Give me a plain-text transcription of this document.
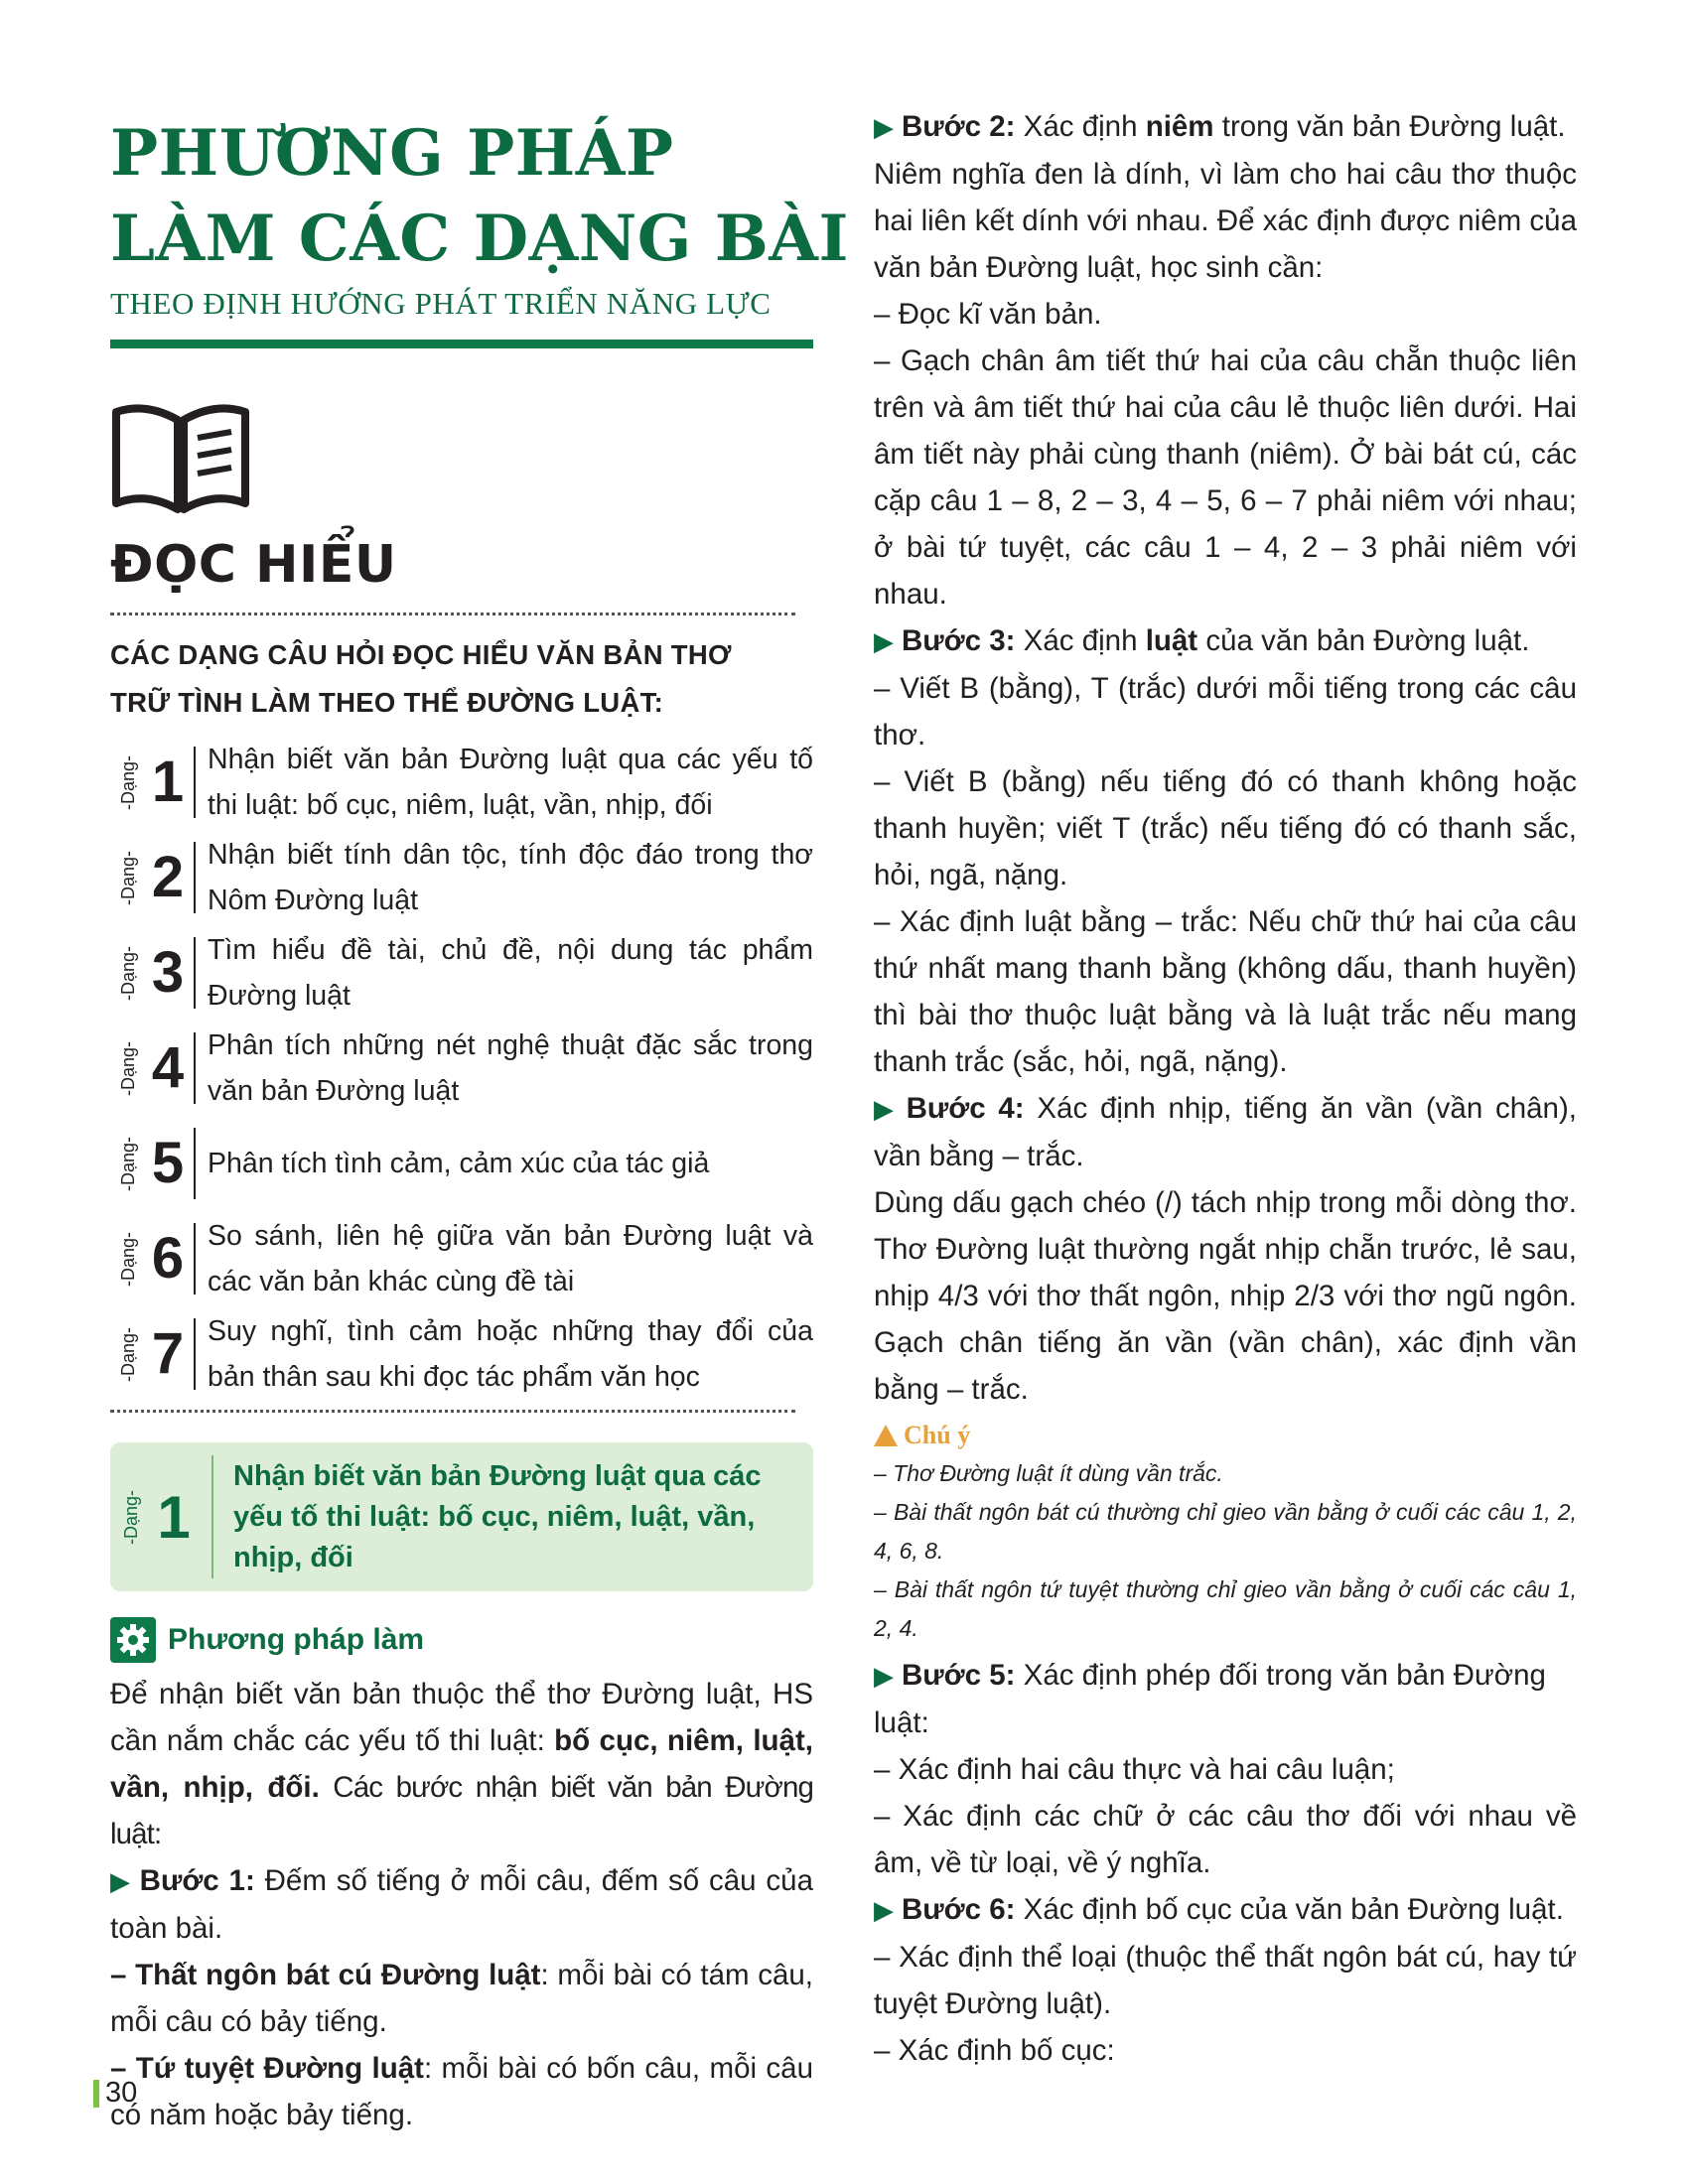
PHƯƠNG PHÁP
LÀM CÁC DẠNG BÀI
THEO ĐỊNH HƯỚNG PHÁT TRIỂN NĂNG LỰC
ĐỌC HIỂU
CÁC DẠNG CÂU HỎI ĐỌC HIỂU VĂN BẢN THƠ
TRỮ TÌNH LÀM THEO THỂ ĐƯỜNG LUẬT:
-Dạng- 1 Nhận biết văn bản Đường luật qua các yếu tố thi luật: bố cục, niêm, luật, vần, nhịp, đối
-Dạng- 2 Nhận biết tính dân tộc, tính độc đáo trong thơ Nôm Đường luật
-Dạng- 3 Tìm hiểu đề tài, chủ đề, nội dung tác phẩm Đường luật
-Dạng- 4 Phân tích những nét nghệ thuật đặc sắc trong văn bản Đường luật
-Dạng- 5 Phân tích tình cảm, cảm xúc của tác giả
-Dạng- 6 So sánh, liên hệ giữa văn bản Đường luật và các văn bản khác cùng đề tài
-Dạng- 7 Suy nghĩ, tình cảm hoặc những thay đổi của bản thân sau khi đọc tác phẩm văn học
-Dạng- 1
Nhận biết văn bản Đường luật qua các yếu tố thi luật: bố cục, niêm, luật, vần, nhịp, đối
Phương pháp làm

Để nhận biết văn bản thuộc thể thơ Đường luật, HS cần nắm chắc các yếu tố thi luật: bố cục, niêm, luật, vần, nhịp, đối. Các bước nhận biết văn bản Đường luật:

▶ Bước 1: Đếm số tiếng ở mỗi câu, đếm số câu của toàn bài.

– Thất ngôn bát cú Đường luật: mỗi bài có tám câu, mỗi câu có bảy tiếng.

– Tứ tuyệt Đường luật: mỗi bài có bốn câu, mỗi câu có năm hoặc bảy tiếng.

▶ Bước 2: Xác định niêm trong văn bản Đường luật.

Niêm nghĩa đen là dính, vì làm cho hai câu thơ thuộc hai liên kết dính với nhau. Để xác định được niêm của văn bản Đường luật, học sinh cần:

– Đọc kĩ văn bản.

– Gạch chân âm tiết thứ hai của câu chẵn thuộc liên trên và âm tiết thứ hai của câu lẻ thuộc liên dưới. Hai âm tiết này phải cùng thanh (niêm). Ở bài bát cú, các cặp câu 1 – 8, 2 – 3, 4 – 5, 6 – 7 phải niêm với nhau; ở bài tứ tuyệt, các câu 1 – 4, 2 – 3 phải niêm với nhau.

▶ Bước 3: Xác định luật của văn bản Đường luật.

– Viết B (bằng), T (trắc) dưới mỗi tiếng trong các câu thơ.

– Viết B (bằng) nếu tiếng đó có thanh không hoặc thanh huyền; viết T (trắc) nếu tiếng đó có thanh sắc, hỏi, ngã, nặng.

– Xác định luật bằng – trắc: Nếu chữ thứ hai của câu thứ nhất mang thanh bằng (không dấu, thanh huyền) thì bài thơ thuộc luật bằng và là luật trắc nếu mang thanh trắc (sắc, hỏi, ngã, nặng).

▶ Bước 4: Xác định nhịp, tiếng ăn vần (vần chân), vần bằng – trắc.

Dùng dấu gạch chéo (/) tách nhịp trong mỗi dòng thơ. Thơ Đường luật thường ngắt nhịp chẵn trước, lẻ sau, nhịp 4/3 với thơ thất ngôn, nhịp 2/3 với thơ ngũ ngôn. Gạch chân tiếng ăn vần (vần chân), xác định vần bằng – trắc.

Chú ý

– Thơ Đường luật ít dùng vần trắc.

– Bài thất ngôn bát cú thường chỉ gieo vần bằng ở cuối các câu 1, 2, 4, 6, 8.

– Bài thất ngôn tứ tuyệt thường chỉ gieo vần bằng ở cuối các câu 1, 2, 4.

▶ Bước 5: Xác định phép đối trong văn bản Đường luật:

– Xác định hai câu thực và hai câu luận;

– Xác định các chữ ở các câu thơ đối với nhau về âm, về từ loại, về ý nghĩa.

▶ Bước 6: Xác định bố cục của văn bản Đường luật.

– Xác định thể loại (thuộc thể thất ngôn bát cú, hay tứ tuyệt Đường luật).

– Xác định bố cục:

30
